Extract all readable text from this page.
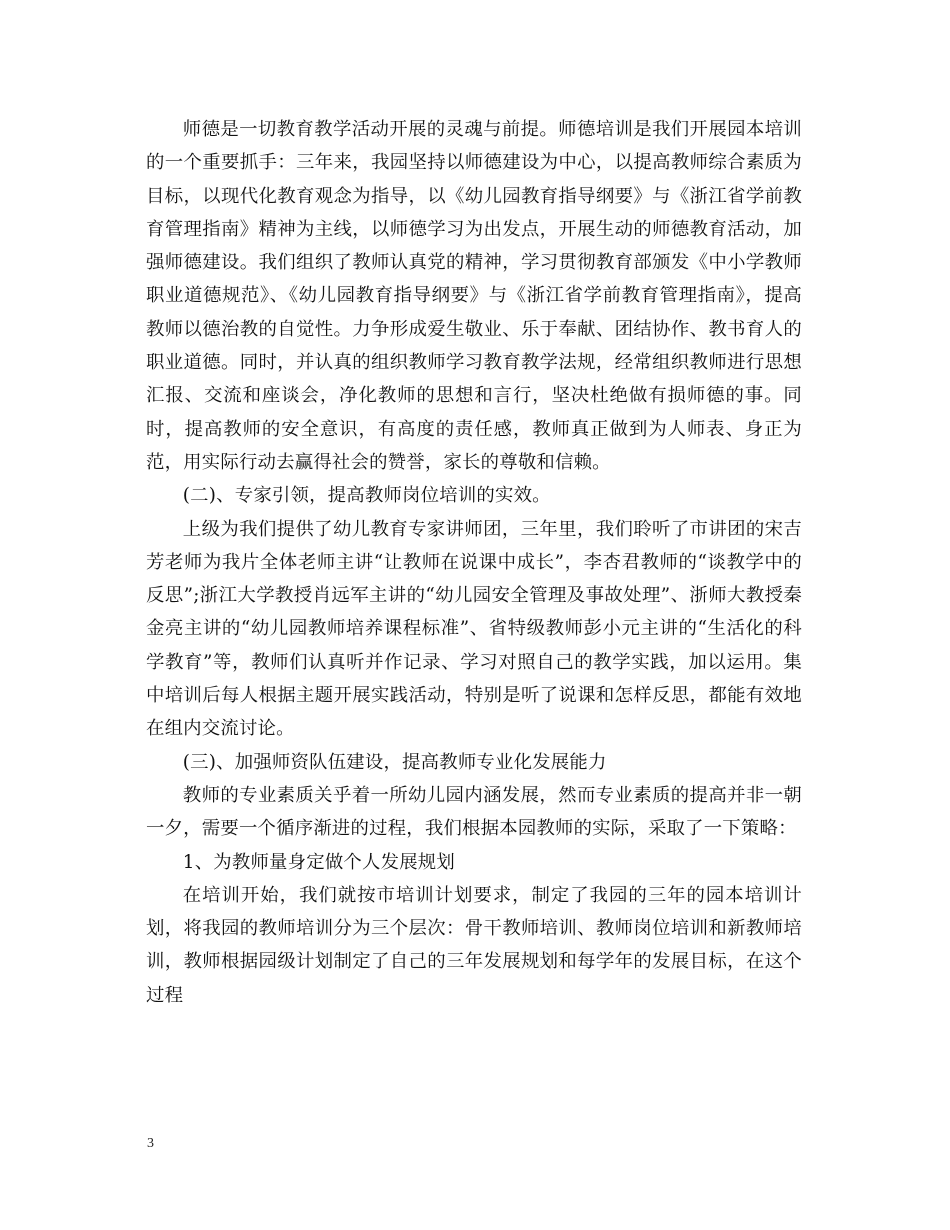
师德是一切教育教学活动开展的灵魂与前提。师德培训是我们开展园本培训的一个重要抓手：三年来，我园坚持以师德建设为中心，以提高教师综合素质为目标，以现代化教育观念为指导，以《幼儿园教育指导纲要》与《浙江省学前教育管理指南》精神为主线，以师德学习为出发点，开展生动的师德教育活动，加强师德建设。我们组织了教师认真党的精神，学习贯彻教育部颁发《中小学教师职业道德规范》、《幼儿园教育指导纲要》与《浙江省学前教育管理指南》，提高教师以德治教的自觉性。力争形成爱生敬业、乐于奉献、团结协作、教书育人的职业道德。同时，并认真的组织教师学习教育教学法规，经常组织教师进行思想汇报、交流和座谈会，净化教师的思想和言行，坚决杜绝做有损师德的事。同时，提高教师的安全意识，有高度的责任感，教师真正做到为人师表、身正为范，用实际行动去赢得社会的赞誉，家长的尊敬和信赖。

(二)、专家引领，提高教师岗位培训的实效。

上级为我们提供了幼儿教育专家讲师团，三年里，我们聆听了市讲团的宋吉芳老师为我片全体老师主讲“让教师在说课中成长”，李杏君教师的“谈教学中的反思”;浙江大学教授肖远军主讲的“幼儿园安全管理及事故处理”、浙师大教授秦金亮主讲的“幼儿园教师培养课程标准”、省特级教师彭小元主讲的“生活化的科学教育”等，教师们认真听并作记录、学习对照自己的教学实践，加以运用。集中培训后每人根据主题开展实践活动，特别是听了说课和怎样反思，都能有效地在组内交流讨论。

(三)、加强师资队伍建设，提高教师专业化发展能力

教师的专业素质关乎着一所幼儿园内涵发展，然而专业素质的提高并非一朝一夕，需要一个循序渐进的过程，我们根据本园教师的实际，采取了一下策略：

1、为教师量身定做个人发展规划

在培训开始，我们就按市培训计划要求，制定了我园的三年的园本培训计划，将我园的教师培训分为三个层次：骨干教师培训、教师岗位培训和新教师培训，教师根据园级计划制定了自己的三年发展规划和每学年的发展目标，在这个过程

3
